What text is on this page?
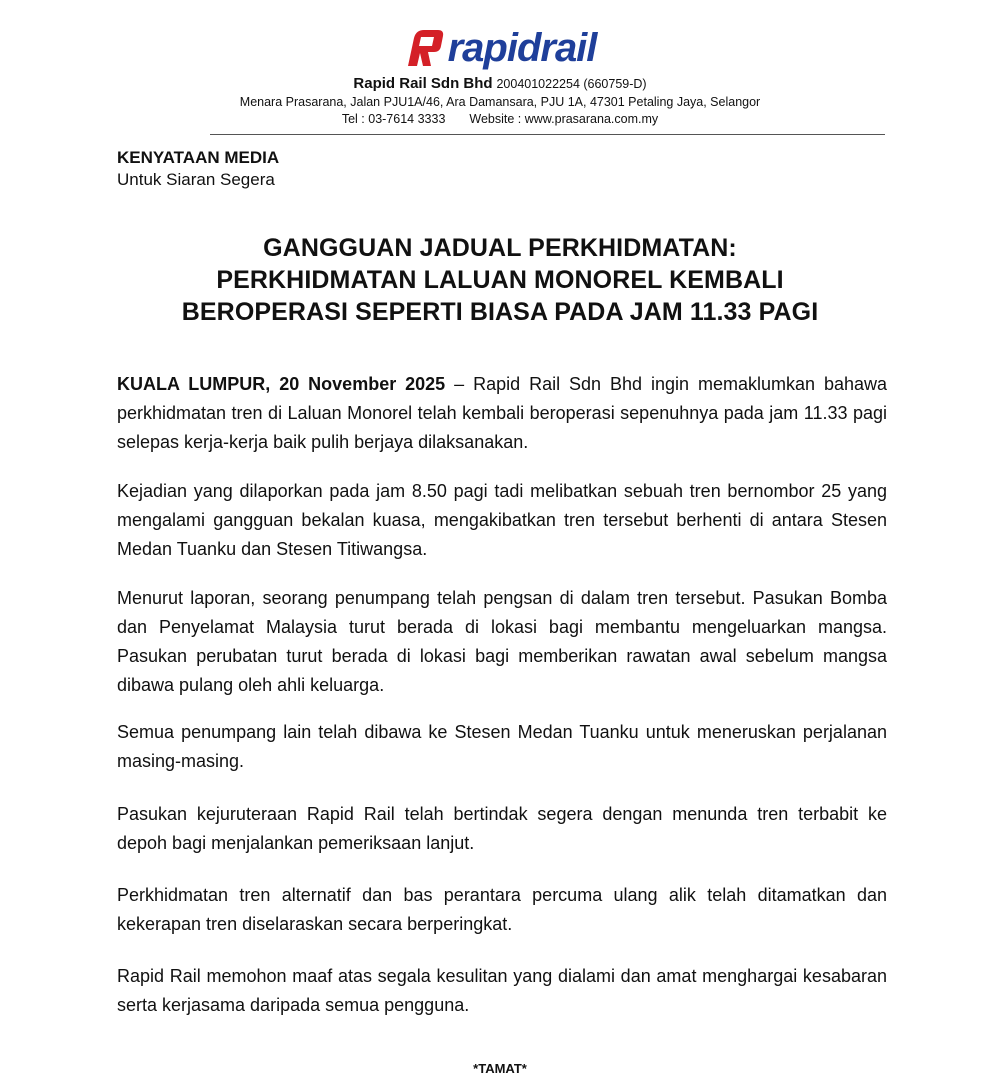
rapidrail
Rapid Rail Sdn Bhd 200401022254 (660759-D)
Menara Prasarana, Jalan PJU1A/46, Ara Damansara, PJU 1A, 47301 Petaling Jaya, Selangor
Tel : 03-7614 3333 Website : www.prasarana.com.my
KENYATAAN MEDIA
Untuk Siaran Segera
GANGGUAN JADUAL PERKHIDMATAN:
PERKHIDMATAN LALUAN MONOREL KEMBALI
BEROPERASI SEPERTI BIASA PADA JAM 11.33 PAGI
KUALA LUMPUR, 20 November 2025 – Rapid Rail Sdn Bhd ingin memaklumkan bahawa perkhidmatan tren di Laluan Monorel telah kembali beroperasi sepenuhnya pada jam 11.33 pagi selepas kerja-kerja baik pulih berjaya dilaksanakan.
Kejadian yang dilaporkan pada jam 8.50 pagi tadi melibatkan sebuah tren bernombor 25 yang mengalami gangguan bekalan kuasa, mengakibatkan tren tersebut berhenti di antara Stesen Medan Tuanku dan Stesen Titiwangsa.
Menurut laporan, seorang penumpang telah pengsan di dalam tren tersebut. Pasukan Bomba dan Penyelamat Malaysia turut berada di lokasi bagi membantu mengeluarkan mangsa. Pasukan perubatan turut berada di lokasi bagi memberikan rawatan awal sebelum mangsa dibawa pulang oleh ahli keluarga.
Semua penumpang lain telah dibawa ke Stesen Medan Tuanku untuk meneruskan perjalanan masing-masing.
Pasukan kejuruteraan Rapid Rail telah bertindak segera dengan menunda tren terbabit ke depoh bagi menjalankan pemeriksaan lanjut.
Perkhidmatan tren alternatif dan bas perantara percuma ulang alik telah ditamatkan dan kekerapan tren diselaraskan secara berperingkat.
Rapid Rail memohon maaf atas segala kesulitan yang dialami dan amat menghargai kesabaran serta kerjasama daripada semua pengguna.
*TAMAT*
